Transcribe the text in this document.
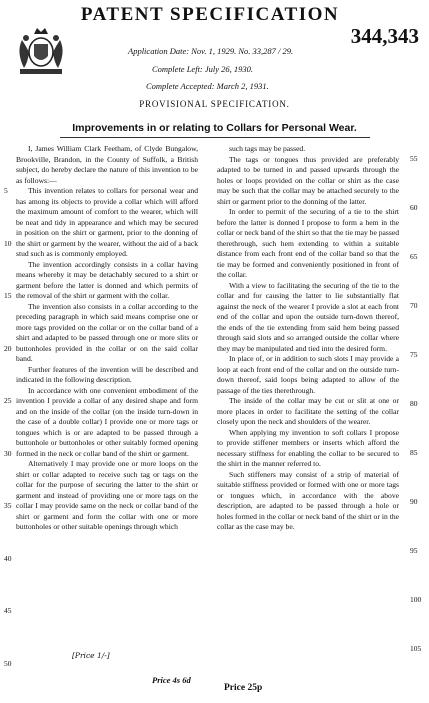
PATENT SPECIFICATION
344,343
Application Date: Nov. 1, 1929. No. 33,287 / 29.
Complete Left: July 26, 1930.
Complete Accepted: March 2, 1931.
PROVISIONAL SPECIFICATION.
Improvements in or relating to Collars for Personal Wear.

I, James William Clark Feetham, of Clyde Bungalow, Brookville, Brandon, in the County of Suffolk, a British subject, do hereby declare the nature of this invention to be as follows:—

This invention relates to collars for personal wear and has among its objects to provide a collar which will afford the maximum amount of comfort to the wearer, which will be neat and tidy in appearance and which may be secured in position on the shirt or garment, prior to the donning of the shirt or garment by the wearer, without the aid of a back stud such as is commonly employed.

The invention accordingly consists in a collar having means whereby it may be detachably secured to a shirt or garment before the latter is donned and which permits of the removal of the shirt or garment with the collar.

The invention also consists in a collar according to the preceding paragraph in which said means comprise one or more tags provided on the collar or on the collar band of a shirt and adapted to be passed through one or more slits or buttonholes provided in the collar or on the said collar band.

Further features of the invention will be described and indicated in the following description.

In accordance with one convenient embodiment of the invention I provide a collar of any desired shape and form and on the inside of the collar (on the inside turn-down in the case of a double collar) I provide one or more tags or tongues which is or are adapted to be passed through a buttonhole or buttonholes or other suitably formed opening formed in the neck or collar band of the shirt or garment.

Alternatively I may provide one or more loops on the shirt or collar adapted to receive such tag or tags on the collar for the purpose of securing the latter to the shirt or garment and instead of providing one or more tags on the collar I may provide same on the neck or collar band of the shirt or garment and form the collar with one or more buttonholes or other suitable openings through which

such tags may be passed.

The tags or tongues thus provided are preferably adapted to be turned in and passed upwards through the holes or loops provided on the collar or shirt as the case may be such that the collar may be attached securely to the shirt or garment prior to the donning of the latter.

In order to permit of the securing of a tie to the shirt before the latter is donned I propose to form a hem in the collar or neck band of the shirt so that the tie may be passed therethrough, such hem extending to within a suitable distance from each front end of the collar band so that the tie may be formed and conveniently positioned in front of the collar.

With a view to facilitating the securing of the tie to the collar and for causing the latter to lie substantially flat against the neck of the wearer I provide a slot at each front end of the collar and upon the outside turn-down thereof, the ends of the tie extending from said hem being passed through said slots and so arranged outside the collar where they may be manipulated and tied into the desired form.

In place of, or in addition to such slots I may provide a loop at each front end of the collar and on the outside turn-down thereof, said loops being adapted to allow of the passage of the ties therethrough.

The inside of the collar may be cut or slit at one or more places in order to facilitate the setting of the collar closely upon the neck and shoulders of the wearer.

When applying my invention to soft collars I propose to provide stiffener members or inserts which afford the necessary stiffness for enabling the collar to be secured to the shirt in the manner referred to.

Such stiffeners may consist of a strip of material of suitable stiffness provided or formed with one or more tags or tongues which, in accordance with the above description, are adapted to be passed through a hole or holes formed in the collar or neck band of the shirt or in the collar as the case may be.

5
10
15
20
25
30
35
40
45
50
55
60
65
70
75
80
85
90
95
100
105
[Price 1/-]
Price 4s 6d
Price 25p
